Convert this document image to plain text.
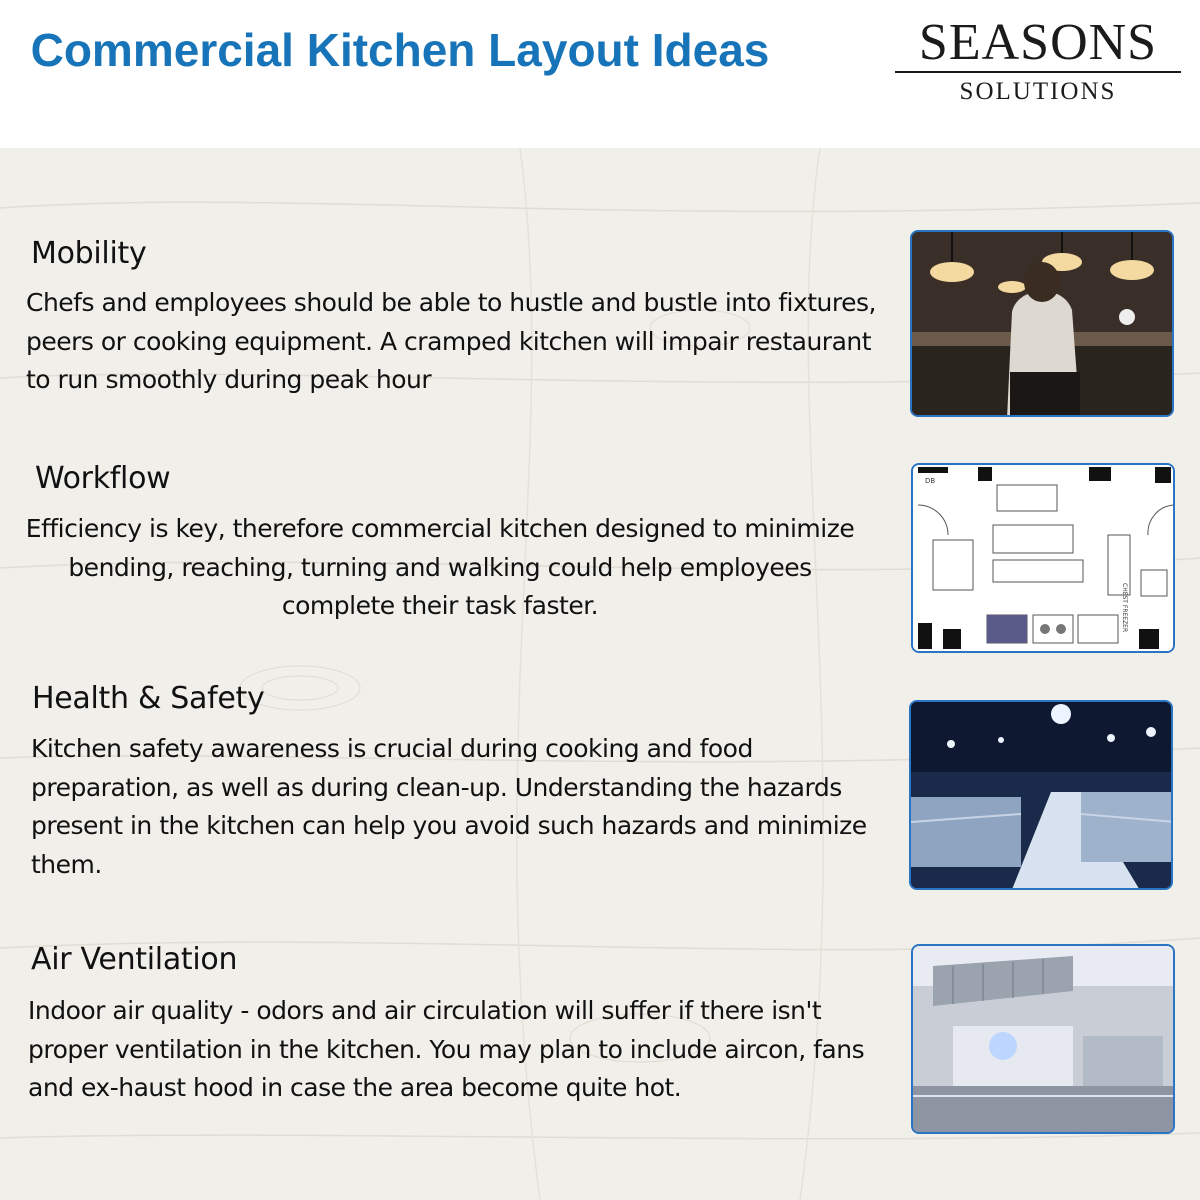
Commercial Kitchen Layout Ideas	SEASONS
SOLUTIONS
Mobility

Chefs and employees should be able to hustle and bustle into fixtures, peers or cooking equipment. A cramped kitchen will impair restaurant to run smoothly during peak hour

Workflow

Efficiency is key, therefore commercial kitchen designed to minimize bending, reaching, turning and walking could help employees complete their task faster.

DB
CHEST FREEZER
Health & Safety

Kitchen safety awareness is crucial during cooking and food preparation, as well as during clean-up. Understanding the hazards present in the kitchen can help you avoid such hazards and minimize them.

Air Ventilation

Indoor air quality - odors and air circulation will suffer if there isn't proper ventilation in the kitchen. You may plan to include aircon, fans and ex-haust hood in case the area become quite hot.
